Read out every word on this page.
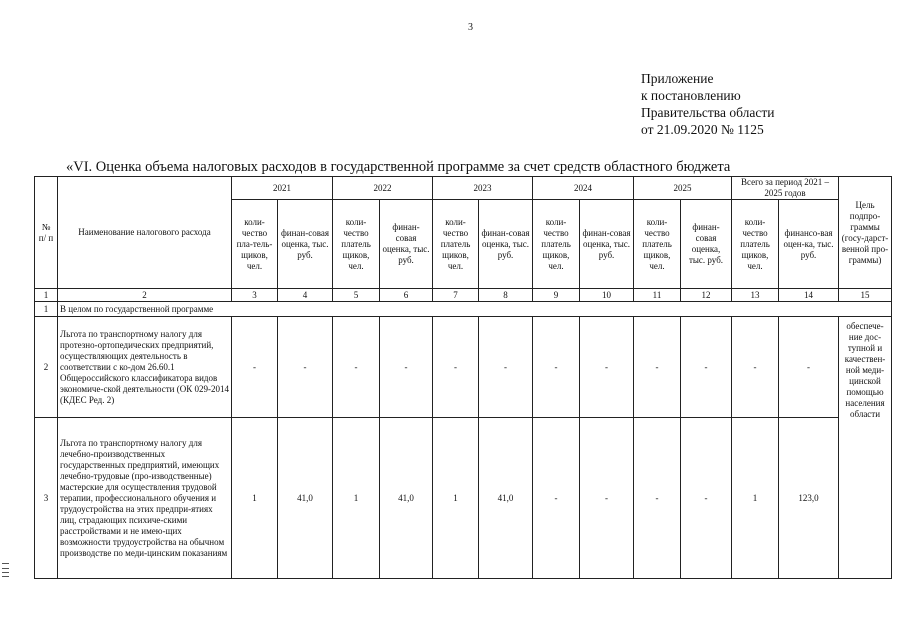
3
Приложение
к постановлению
Правительства области
от 21.09.2020 № 1125
«VI. Оценка объема налоговых расходов в государственной программе за счет средств областного бюджета
№ п/ п	Наименование налогового расхода	2021		2022		2023		2024		2025		Всего за период 2021 – 2025 годов		Цель подпро-граммы (госу-дарст-венной про-граммы)
		коли-чество пла-тель-щиков, чел.	финан-совая оценка, тыс. руб.	коли-чество платель щиков, чел.	финан-совая оценка, тыс. руб.	коли-чество платель щиков, чел.	финан-совая оценка, тыс. руб.	коли-чество платель щиков, чел.	финан-совая оценка, тыс. руб.	коли-чество платель щиков, чел.	финан-совая оценка, тыс. руб.	коли-чество платель щиков, чел.	финансо-вая оцен-ка, тыс. руб.	
1	2	3	4	5	6	7	8	9	10	11	12	13	14	15
1	В целом по государственной программе													
2	Льгота по транспортному налогу для протезно-ортопедических предприятий, осуществляющих деятельность в соответствии с ко-дом 26.60.1 Общероссийского классификатора видов экономиче-ской деятельности (ОК 029-2014 (КДЕС Ред. 2)	-	-	-	-	-	-	-	-	-	-	-	-	обеспече-ние дос-тупной и качествен-ной меди-цинской помощью населения области
3	Льгота по транспортному налогу для лечебно-производственных государственных предприятий, имеющих лечебно-трудовые (про-изводственные) мастерские для осуществления трудовой терапии, профессионального обучения и трудоустройства на этих предпри-ятиях лиц, страдающих психиче-скими расстройствами и не имею-щих возможности трудоустройства на обычном производстве по меди-цинским показаниям	1	41,0	1	41,0	1	41,0	-	-	-	-	1	123,0	
